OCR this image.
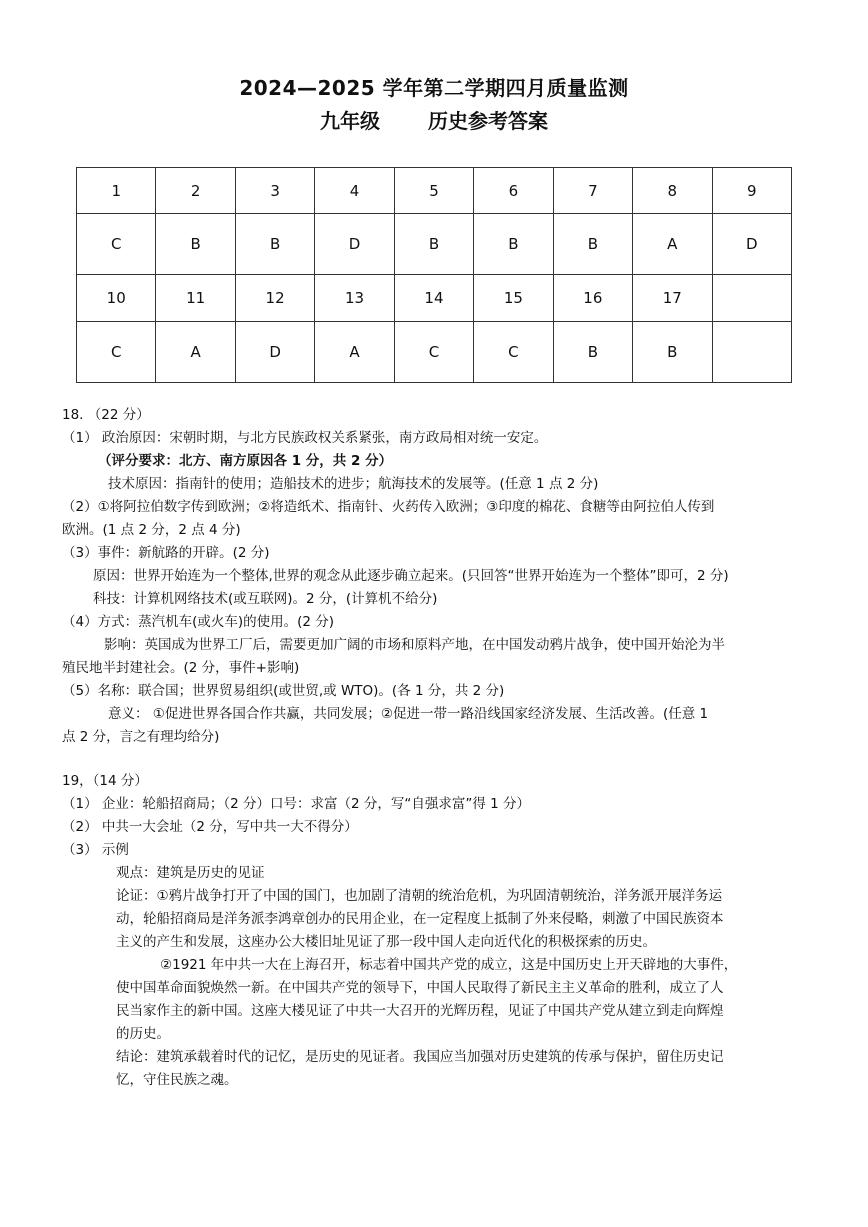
2024—2025 学年第二学期四月质量监测
九年级 历史参考答案
1	2	3	4	5	6	7	8	9
C	B	B	D	B	B	B	A	D
10	11	12	13	14	15	16	17	
C	A	D	A	C	C	B	B	
18. （22 分）
（1） 政治原因：宋朝时期，与北方民族政权关系紧张，南方政局相对统一安定。
（评分要求：北方、南方原因各 1 分，共 2 分）
技术原因：指南针的使用；造船技术的进步；航海技术的发展等。(任意 1 点 2 分)
（2）①将阿拉伯数字传到欧洲；②将造纸术、指南针、火药传入欧洲；③印度的棉花、食糖等由阿拉伯人传到
欧洲。(1 点 2 分，2 点 4 分)
（3）事件：新航路的开辟。(2 分)
原因：世界开始连为一个整体,世界的观念从此逐步确立起来。(只回答“世界开始连为一个整体”即可，2 分)
科技：计算机网络技术(或互联网)。2 分，(计算机不给分)
（4）方式：蒸汽机车(或火车)的使用。(2 分)
影响：英国成为世界工厂后，需要更加广阔的市场和原料产地，在中国发动鸦片战争，使中国开始沦为半
殖民地半封建社会。(2 分，事件+影响)
（5）名称：联合国；世界贸易组织(或世贸,或 WTO)。(各 1 分，共 2 分)
意义： ①促进世界各国合作共赢，共同发展；②促进一带一路沿线国家经济发展、生活改善。(任意 1
点 2 分，言之有理均给分)
19，（14 分）
（1） 企业：轮船招商局；（2 分）口号：求富（2 分，写“自强求富”得 1 分）
（2） 中共一大会址（2 分，写中共一大不得分）
（3） 示例
观点：建筑是历史的见证
论证：①鸦片战争打开了中国的国门，也加剧了清朝的统治危机，为巩固清朝统治，洋务派开展洋务运
动，轮船招商局是洋务派李鸿章创办的民用企业，在一定程度上抵制了外来侵略，刺激了中国民族资本
主义的产生和发展，这座办公大楼旧址见证了那一段中国人走向近代化的积极探索的历史。
②1921 年中共一大在上海召开，标志着中国共产党的成立，这是中国历史上开天辟地的大事件，
使中国革命面貌焕然一新。在中国共产党的领导下，中国人民取得了新民主主义革命的胜利，成立了人
民当家作主的新中国。这座大楼见证了中共一大召开的光辉历程，见证了中国共产党从建立到走向辉煌
的历史。
结论：建筑承载着时代的记忆，是历史的见证者。我国应当加强对历史建筑的传承与保护，留住历史记
忆，守住民族之魂。
